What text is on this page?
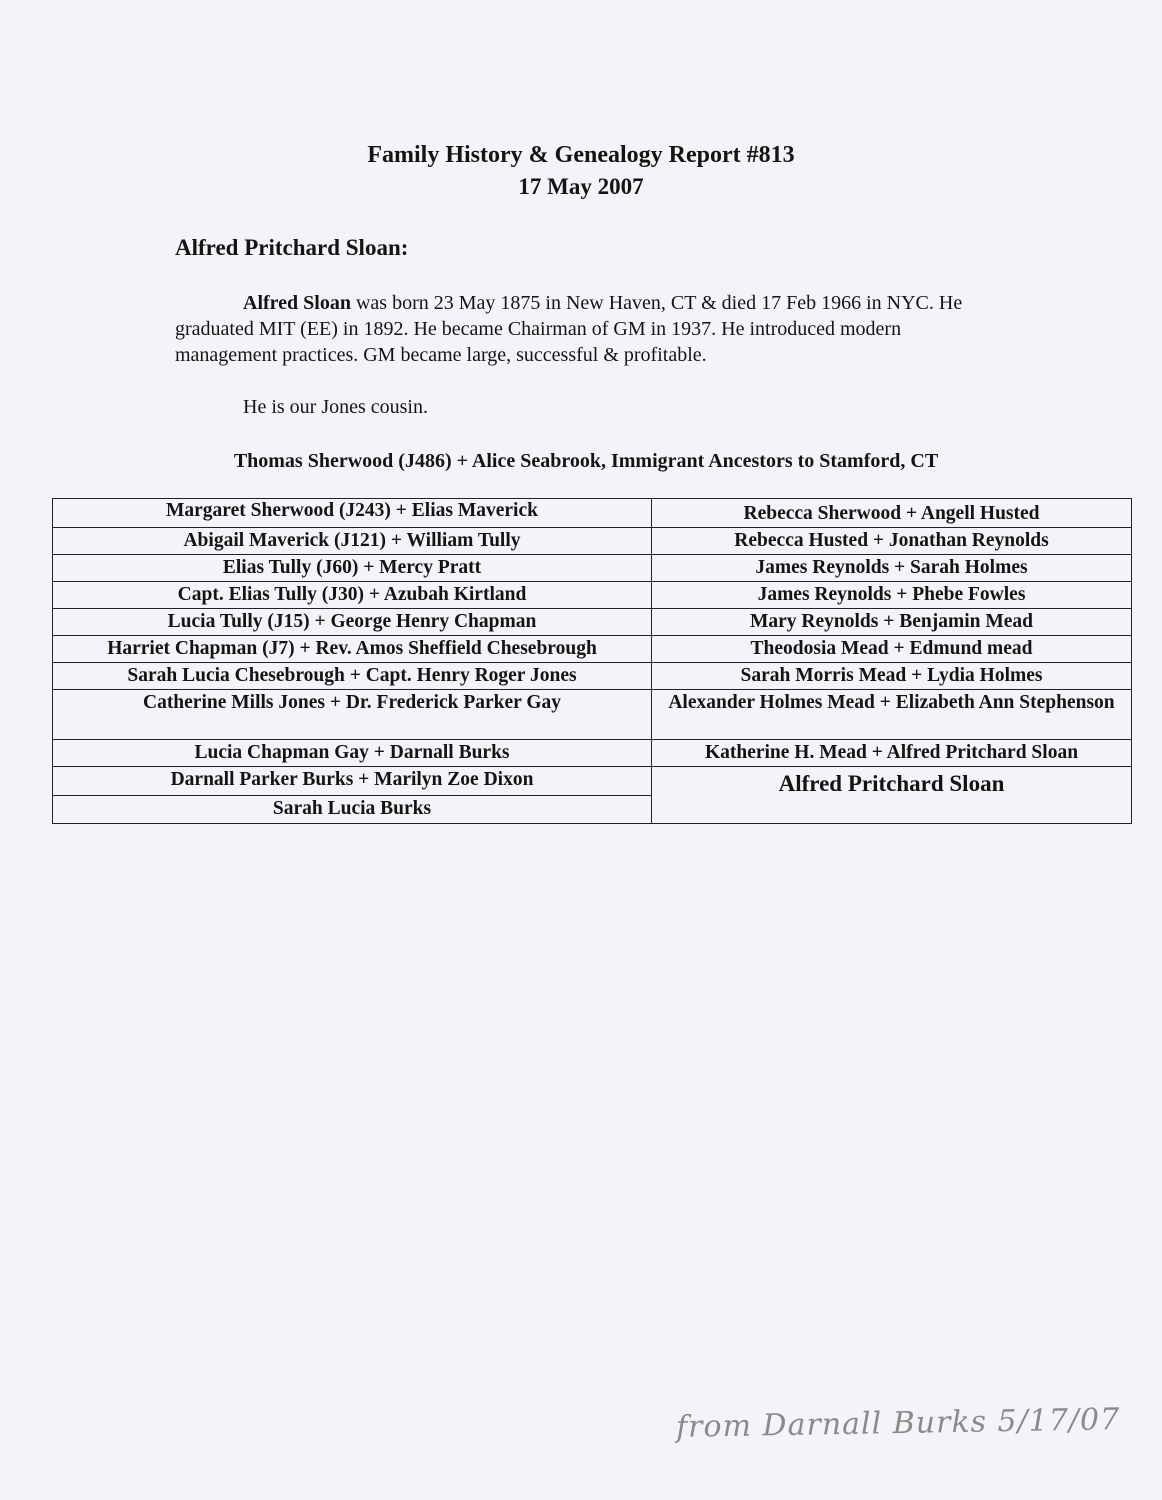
Family History & Genealogy Report #813
17 May 2007
Alfred Pritchard Sloan:
Alfred Sloan was born 23 May 1875 in New Haven, CT & died 17 Feb 1966 in NYC. He graduated MIT (EE) in 1892. He became Chairman of GM in 1937. He introduced modern management practices. GM became large, successful & profitable.
He is our Jones cousin.
Thomas Sherwood (J486) + Alice Seabrook, Immigrant Ancestors to Stamford, CT
Margaret Sherwood (J243) + Elias Maverick	Rebecca Sherwood + Angell Husted
Abigail Maverick (J121) + William Tully	Rebecca Husted + Jonathan Reynolds
Elias Tully (J60) + Mercy Pratt	James Reynolds + Sarah Holmes
Capt. Elias Tully (J30) + Azubah Kirtland	James Reynolds + Phebe Fowles
Lucia Tully (J15) + George Henry Chapman	Mary Reynolds + Benjamin Mead
Harriet Chapman (J7) + Rev. Amos Sheffield Chesebrough	Theodosia Mead + Edmund mead
Sarah Lucia Chesebrough + Capt. Henry Roger Jones	Sarah Morris Mead + Lydia Holmes
Catherine Mills Jones + Dr. Frederick Parker Gay	Alexander Holmes Mead + Elizabeth Ann Stephenson
Lucia Chapman Gay + Darnall Burks	Katherine H. Mead + Alfred Pritchard Sloan
Darnall Parker Burks + Marilyn Zoe Dixon	Alfred Pritchard Sloan
Sarah Lucia Burks	
from Darnall Burks 5/17/07
